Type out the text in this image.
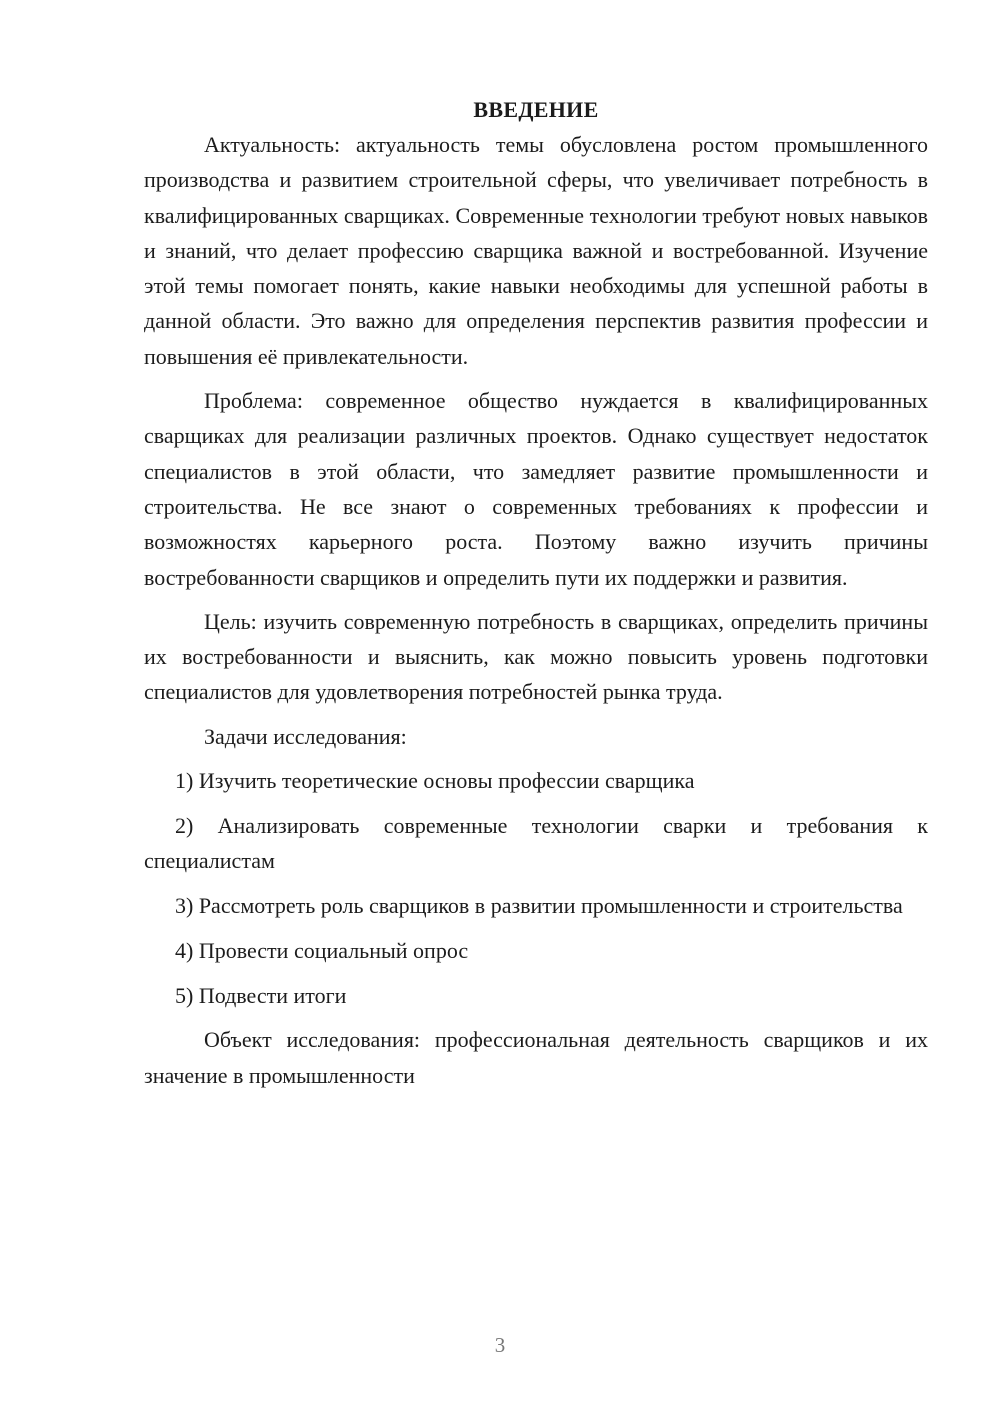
ВВЕДЕНИЕ

Актуальность: актуальность темы обусловлена ростом промышленного производства и развитием строительной сферы, что увеличивает потребность в квалифицированных сварщиках. Современные технологии требуют новых навыков и знаний, что делает профессию сварщика важной и востребованной. Изучение этой темы помогает понять, какие навыки необходимы для успешной работы в данной области. Это важно для определения перспектив развития профессии и повышения её привлекательности.

Проблема: современное общество нуждается в квалифицированных сварщиках для реализации различных проектов. Однако существует недостаток специалистов в этой области, что замедляет развитие промышленности и строительства. Не все знают о современных требованиях к профессии и возможностях карьерного роста. Поэтому важно изучить причины востребованности сварщиков и определить пути их поддержки и развития.

Цель: изучить современную потребность в сварщиках, определить причины их востребованности и выяснить, как можно повысить уровень подготовки специалистов для удовлетворения потребностей рынка труда.

Задачи исследования:

1) Изучить теоретические основы профессии сварщика

2) Анализировать современные технологии сварки и требования к специалистам

3) Рассмотреть роль сварщиков в развитии промышленности и строительства

4) Провести социальный опрос

5) Подвести итоги

Объект исследования: профессиональная деятельность сварщиков и их значение в промышленности

3
